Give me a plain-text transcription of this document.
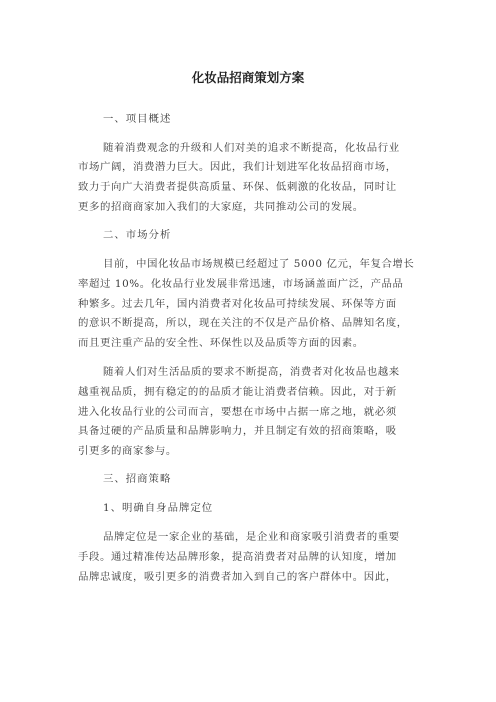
化妆品招商策划方案
一、项目概述
随着消费观念的升级和人们对美的追求不断提高，化妆品行业
市场广阔，消费潜力巨大。因此，我们计划进军化妆品招商市场，
致力于向广大消费者提供高质量、环保、低刺激的化妆品，同时让
更多的招商商家加入我们的大家庭，共同推动公司的发展。
二、市场分析
目前，中国化妆品市场规模已经超过了 5000 亿元，年复合增长
率超过 10%。化妆品行业发展非常迅速，市场涵盖面广泛，产品品
种繁多。过去几年，国内消费者对化妆品可持续发展、环保等方面
的意识不断提高，所以，现在关注的不仅是产品价格、品牌知名度，
而且更注重产品的安全性、环保性以及品质等方面的因素。
随着人们对生活品质的要求不断提高，消费者对化妆品也越来
越重视品质，拥有稳定的的品质才能让消费者信赖。因此，对于新
进入化妆品行业的公司而言，要想在市场中占据一席之地，就必须
具备过硬的产品质量和品牌影响力，并且制定有效的招商策略，吸
引更多的商家参与。
三、招商策略
1、明确自身品牌定位
品牌定位是一家企业的基础，是企业和商家吸引消费者的重要
手段。通过精准传达品牌形象，提高消费者对品牌的认知度，增加
品牌忠诚度，吸引更多的消费者加入到自己的客户群体中。因此，
